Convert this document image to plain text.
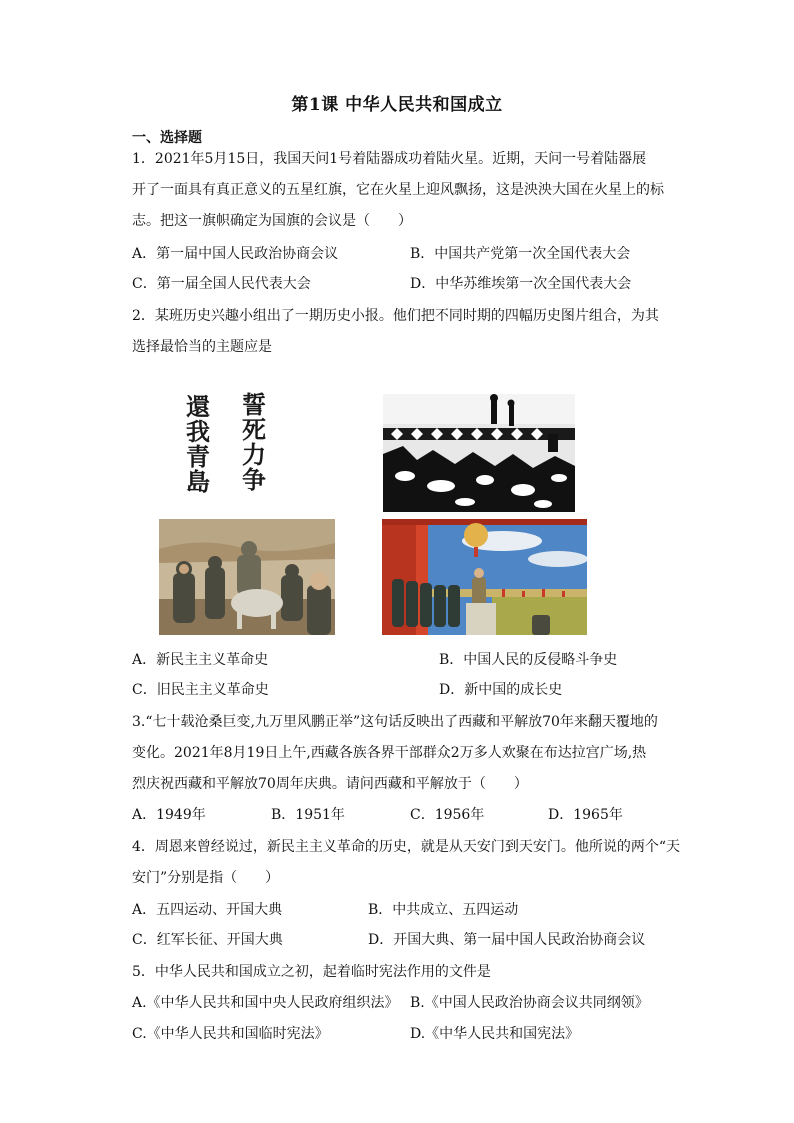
第1课 中华人民共和国成立
一、选择题
1．2021年5月15日，我国天问1号着陆器成功着陆火星。近期，天问一号着陆器展
开了一面具有真正意义的五星红旗，它在火星上迎风飘扬，这是泱泱大国在火星上的标
志。把这一旗帜确定为国旗的会议是（　　）
A．第一届中国人民政治协商会议	B．中国共产党第一次全国代表大会
C．第一届全国人民代表大会	D．中华苏维埃第一次全国代表大会
2．某班历史兴趣小组出了一期历史小报。他们把不同时期的四幅历史图片组合，为其
选择最恰当的主题应是
誓
死
力
争
還
我
青
島
A．新民主主义革命史	B．中国人民的反侵略斗争史
C．旧民主主义革命史	D．新中国的成长史
3.“七十载沧桑巨变,九万里风鹏正举”这句话反映出了西藏和平解放70年来翻天覆地的
变化。2021年8月19日上午,西藏各族各界干部群众2万多人欢聚在布达拉宫广场,热
烈庆祝西藏和平解放70周年庆典。请问西藏和平解放于（　　）
A．1949年	B．1951年	C．1956年	D．1965年
4．周恩来曾经说过，新民主主义革命的历史，就是从天安门到天安门。他所说的两个“天
安门”分别是指（　　）
A．五四运动、开国大典	B．中共成立、五四运动
C．红军长征、开国大典	D．开国大典、第一届中国人民政治协商会议
5．中华人民共和国成立之初，起着临时宪法作用的文件是
A.《中华人民共和国中央人民政府组织法》 B.《中国人民政治协商会议共同纲领》
C.《中华人民共和国临时宪法》	D.《中华人民共和国宪法》
